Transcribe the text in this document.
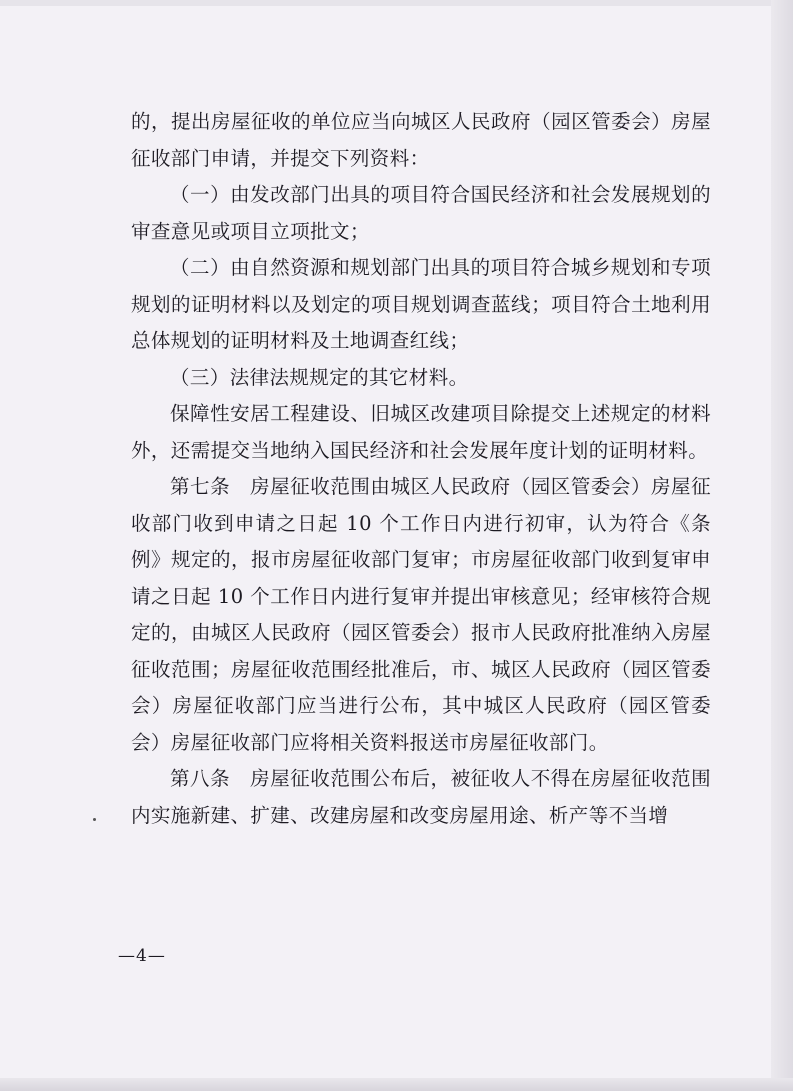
的，提出房屋征收的单位应当向城区人民政府（园区管委会）房屋征收部门申请，并提交下列资料：

（一）由发改部门出具的项目符合国民经济和社会发展规划的审查意见或项目立项批文；

（二）由自然资源和规划部门出具的项目符合城乡规划和专项规划的证明材料以及划定的项目规划调查蓝线；项目符合土地利用总体规划的证明材料及土地调查红线；

（三）法律法规规定的其它材料。

保障性安居工程建设、旧城区改建项目除提交上述规定的材料外，还需提交当地纳入国民经济和社会发展年度计划的证明材料。

第七条　房屋征收范围由城区人民政府（园区管委会）房屋征收部门收到申请之日起 10 个工作日内进行初审，认为符合《条例》规定的，报市房屋征收部门复审；市房屋征收部门收到复审申请之日起 10 个工作日内进行复审并提出审核意见；经审核符合规定的，由城区人民政府（园区管委会）报市人民政府批准纳入房屋征收范围；房屋征收范围经批准后，市、城区人民政府（园区管委会）房屋征收部门应当进行公布，其中城区人民政府（园区管委会）房屋征收部门应将相关资料报送市房屋征收部门。

第八条　房屋征收范围公布后，被征收人不得在房屋征收范围内实施新建、扩建、改建房屋和改变房屋用途、析产等不当增

—4—
